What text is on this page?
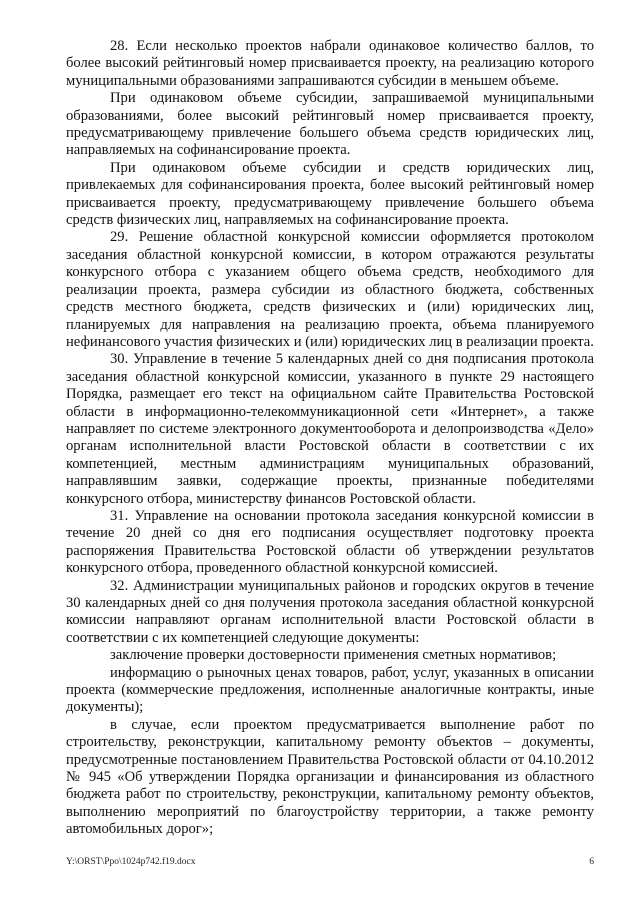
28. Если несколько проектов набрали одинаковое количество баллов, то более высокий рейтинговый номер присваивается проекту, на реализацию которого муниципальными образованиями запрашиваются субсидии в меньшем объеме.

При одинаковом объеме субсидии, запрашиваемой муниципальными образованиями, более высокий рейтинговый номер присваивается проекту, предусматривающему привлечение большего объема средств юридических лиц, направляемых на софинансирование проекта.

При одинаковом объеме субсидии и средств юридических лиц, привлекаемых для софинансирования проекта, более высокий рейтинговый номер присваивается проекту, предусматривающему привлечение большего объема средств физических лиц, направляемых на софинансирование проекта.

29. Решение областной конкурсной комиссии оформляется протоколом заседания областной конкурсной комиссии, в котором отражаются результаты конкурсного отбора с указанием общего объема средств, необходимого для реализации проекта, размера субсидии из областного бюджета, собственных средств местного бюджета, средств физических и (или) юридических лиц, планируемых для направления на реализацию проекта, объема планируемого нефинансового участия физических и (или) юридических лиц в реализации проекта.

30. Управление в течение 5 календарных дней со дня подписания протокола заседания областной конкурсной комиссии, указанного в пункте 29 настоящего Порядка, размещает его текст на официальном сайте Правительства Ростовской области в информационно-телекоммуникационной сети «Интернет», а также направляет по системе электронного документооборота и делопроизводства «Дело» органам исполнительной власти Ростовской области в соответствии с их компетенцией, местным администрациям муниципальных образований, направлявшим заявки, содержащие проекты, признанные победителями конкурсного отбора, министерству финансов Ростовской области.

31. Управление на основании протокола заседания конкурсной комиссии в течение 20 дней со дня его подписания осуществляет подготовку проекта распоряжения Правительства Ростовской области об утверждении результатов конкурсного отбора, проведенного областной конкурсной комиссией.

32. Администрации муниципальных районов и городских округов в течение 30 календарных дней со дня получения протокола заседания областной конкурсной комиссии направляют органам исполнительной власти Ростовской области в соответствии с их компетенцией следующие документы:

заключение проверки достоверности применения сметных нормативов;

информацию о рыночных ценах товаров, работ, услуг, указанных в описании проекта (коммерческие предложения, исполненные аналогичные контракты, иные документы);

в случае, если проектом предусматривается выполнение работ по строительству, реконструкции, капитальному ремонту объектов – документы, предусмотренные постановлением Правительства Ростовской области от 04.10.2012 № 945 «Об утверждении Порядка организации и финансирования из областного бюджета работ по строительству, реконструкции, капитальному ремонту объектов, выполнению мероприятий по благоустройству территории, а также ремонту автомобильных дорог»;

Y:\ORST\Ppo\1024p742.f19.docx	6
